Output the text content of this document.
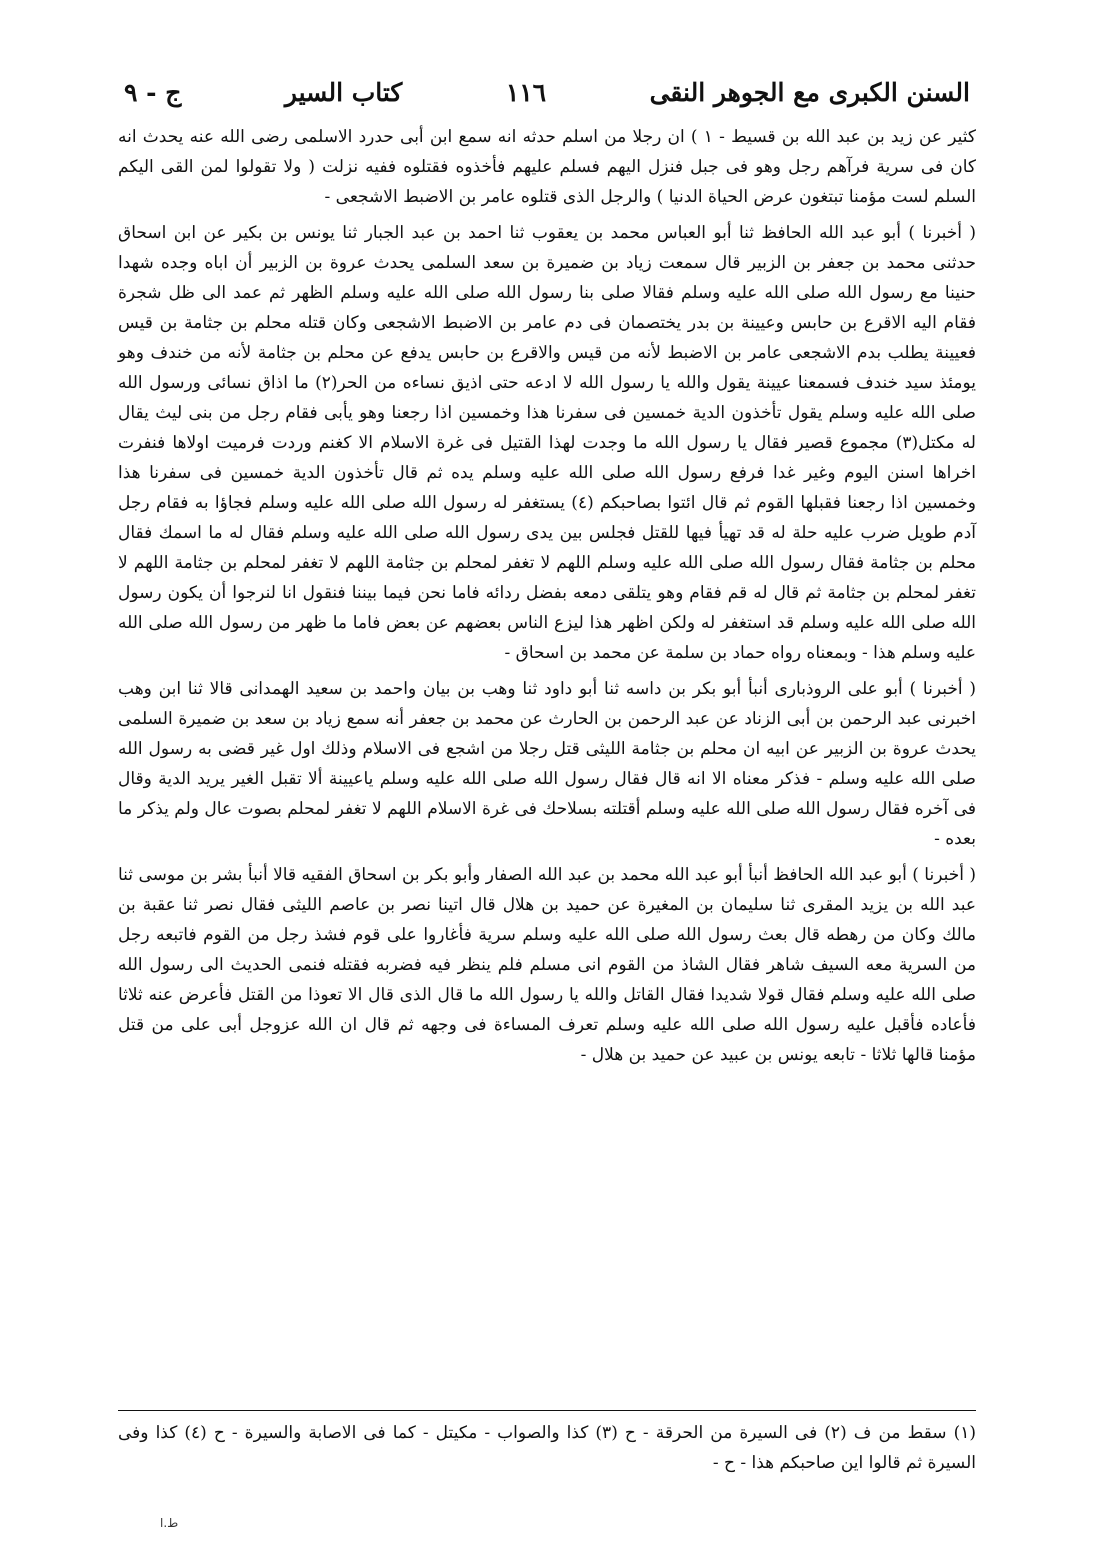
السنن الكبرى مع الجوهر النقى
١١٦
كتاب السير
ج - ٩

كثير عن زيد بن عبد الله بن قسيط - ١ ) ان رجلا من اسلم حدثه انه سمع ابن أبى حدرد الاسلمى رضى الله عنه يحدث انه كان فى سرية فرآهم رجل وهو فى جبل فنزل اليهم فسلم عليهم فأخذوه فقتلوه ففيه نزلت ( ولا تقولوا لمن القى اليكم السلم لست مؤمنا تبتغون عرض الحياة الدنيا ) والرجل الذى قتلوه عامر بن الاضبط الاشجعى -

( أخبرنا ) أبو عبد الله الحافظ ثنا أبو العباس محمد بن يعقوب ثنا احمد بن عبد الجبار ثنا يونس بن بكير عن ابن اسحاق حدثنى محمد بن جعفر بن الزبير قال سمعت زياد بن ضميرة بن سعد السلمى يحدث عروة بن الزبير أن اباه وجده شهدا حنينا مع رسول الله صلى الله عليه وسلم فقالا صلى بنا رسول الله صلى الله عليه وسلم الظهر ثم عمد الى ظل شجرة فقام اليه الاقرع بن حابس وعيينة بن بدر يختصمان فى دم عامر بن الاضبط الاشجعى وكان قتله محلم بن جثامة بن قيس فعيينة يطلب بدم الاشجعى عامر بن الاضبط لأنه من قيس والاقرع بن حابس يدفع عن محلم بن جثامة لأنه من خندف وهو يومئذ سيد خندف فسمعنا عيينة يقول والله يا رسول الله لا ادعه حتى اذيق نساءه من الحر(٢) ما اذاق نسائى ورسول الله صلى الله عليه وسلم يقول تأخذون الدية خمسين فى سفرنا هذا وخمسين اذا رجعنا وهو يأبى فقام رجل من بنى ليث يقال له مكتل(٣) مجموع قصير فقال يا رسول الله ما وجدت لهذا القتيل فى غرة الاسلام الا كغنم وردت فرميت اولاها فنفرت اخراها اسنن اليوم وغير غدا فرفع رسول الله صلى الله عليه وسلم يده ثم قال تأخذون الدية خمسين فى سفرنا هذا وخمسين اذا رجعنا فقبلها القوم ثم قال ائتوا بصاحبكم (٤) يستغفر له رسول الله صلى الله عليه وسلم فجاؤا به فقام رجل آدم طويل ضرب عليه حلة له قد تهيأ فيها للقتل فجلس بين يدى رسول الله صلى الله عليه وسلم فقال له ما اسمك فقال محلم بن جثامة فقال رسول الله صلى الله عليه وسلم اللهم لا تغفر لمحلم بن جثامة اللهم لا تغفر لمحلم بن جثامة اللهم لا تغفر لمحلم بن جثامة ثم قال له قم فقام وهو يتلقى دمعه بفضل ردائه فاما نحن فيما بيننا فنقول انا لنرجوا أن يكون رسول الله صلى الله عليه وسلم قد استغفر له ولكن اظهر هذا ليزع الناس بعضهم عن بعض فاما ما ظهر من رسول الله صلى الله عليه وسلم هذا - وبمعناه رواه حماد بن سلمة عن محمد بن اسحاق -

( أخبرنا ) أبو على الروذبارى أنبأ أبو بكر بن داسه ثنا أبو داود ثنا وهب بن بيان واحمد بن سعيد الهمدانى قالا ثنا ابن وهب اخبرنى عبد الرحمن بن أبى الزناد عن عبد الرحمن بن الحارث عن محمد بن جعفر أنه سمع زياد بن سعد بن ضميرة السلمى يحدث عروة بن الزبير عن ابيه ان محلم بن جثامة الليثى قتل رجلا من اشجع فى الاسلام وذلك اول غير قضى به رسول الله صلى الله عليه وسلم - فذكر معناه الا انه قال فقال رسول الله صلى الله عليه وسلم ياعيينة ألا تقبل الغير يريد الدية وقال فى آخره فقال رسول الله صلى الله عليه وسلم أقتلته بسلاحك فى غرة الاسلام اللهم لا تغفر لمحلم بصوت عال ولم يذكر ما بعده -

( أخبرنا ) أبو عبد الله الحافظ أنبأ أبو عبد الله محمد بن عبد الله الصفار وأبو بكر بن اسحاق الفقيه قالا أنبأ بشر بن موسى ثنا عبد الله بن يزيد المقرى ثنا سليمان بن المغيرة عن حميد بن هلال قال اتينا نصر بن عاصم الليثى فقال نصر ثنا عقبة بن مالك وكان من رهطه قال بعث رسول الله صلى الله عليه وسلم سرية فأغاروا على قوم فشذ رجل من القوم فاتبعه رجل من السرية معه السيف شاهر فقال الشاذ من القوم انى مسلم فلم ينظر فيه فضربه فقتله فنمى الحديث الى رسول الله صلى الله عليه وسلم فقال قولا شديدا فقال القاتل والله يا رسول الله ما قال الذى قال الا تعوذا من القتل فأعرض عنه ثلاثا فأعاده فأقبل عليه رسول الله صلى الله عليه وسلم تعرف المساءة فى وجهه ثم قال ان الله عزوجل أبى على من قتل مؤمنا قالها ثلاثا - تابعه يونس بن عبيد عن حميد بن هلال -

(١) سقط من ف (٢) فى السيرة من الحرقة - ح (٣) كذا والصواب - مكيتل - كما فى الاصابة والسيرة - ح (٤) كذا وفى السيرة ثم قالوا اين صاحبكم هذا - ح -
ط.ا
